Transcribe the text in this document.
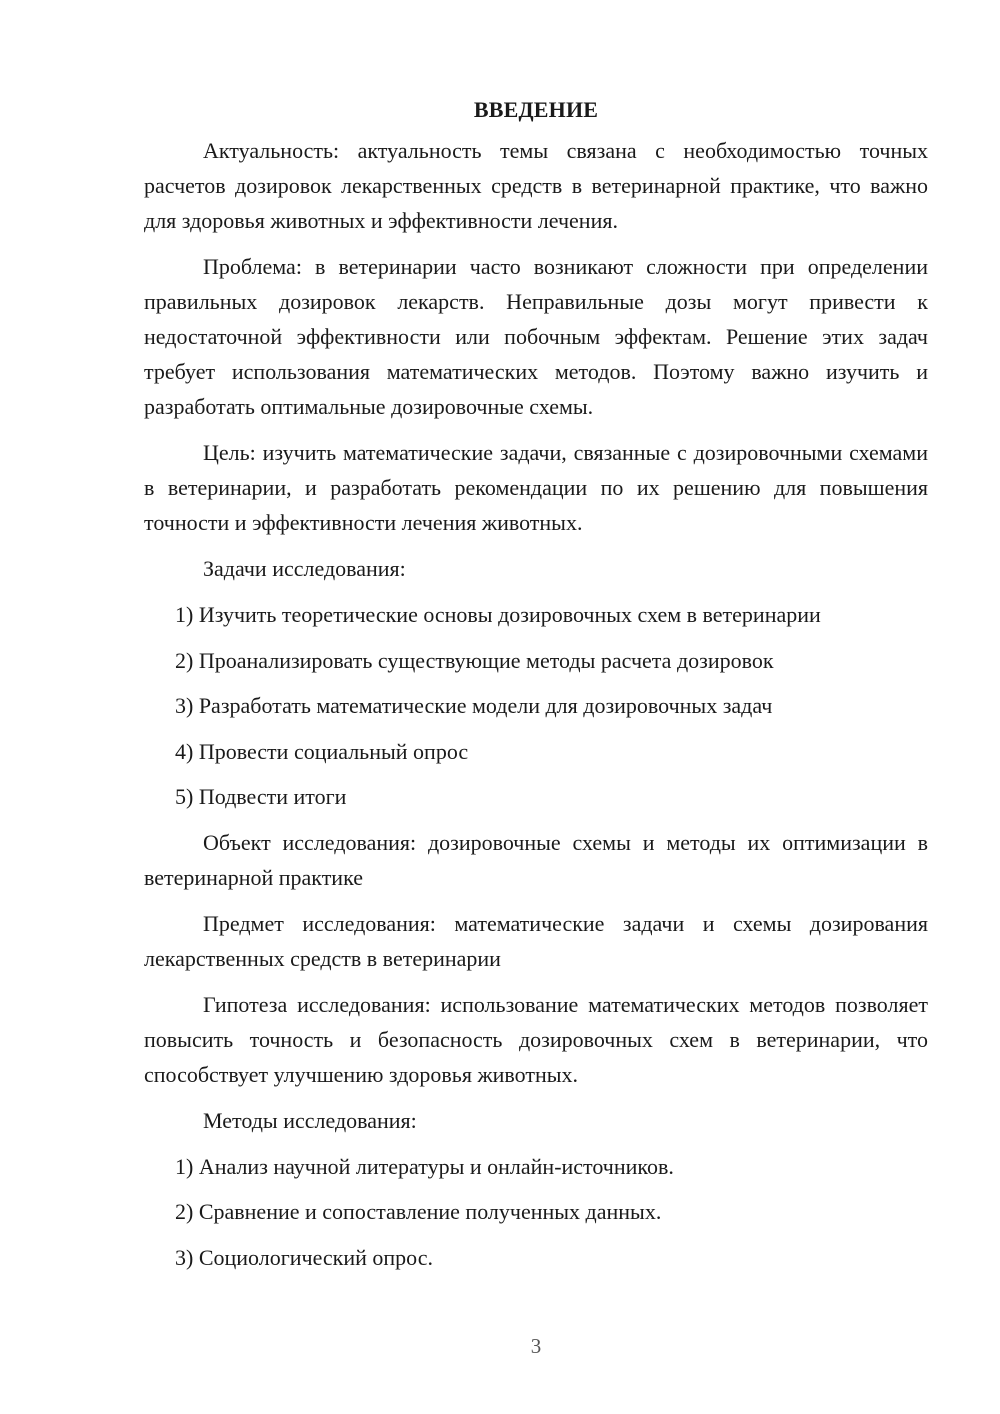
ВВЕДЕНИЕ

Актуальность: актуальность темы связана с необходимостью точных расчетов дозировок лекарственных средств в ветеринарной практике, что важно для здоровья животных и эффективности лечения.

Проблема: в ветеринарии часто возникают сложности при определении правильных дозировок лекарств. Неправильные дозы могут привести к недостаточной эффективности или побочным эффектам. Решение этих задач требует использования математических методов. Поэтому важно изучить и разработать оптимальные дозировочные схемы.

Цель: изучить математические задачи, связанные с дозировочными схемами в ветеринарии, и разработать рекомендации по их решению для повышения точности и эффективности лечения животных.

Задачи исследования:

1) Изучить теоретические основы дозировочных схем в ветеринарии
2) Проанализировать существующие методы расчета дозировок
3) Разработать математические модели для дозировочных задач
4) Провести социальный опрос
5) Подвести итоги

Объект исследования: дозировочные схемы и методы их оптимизации в ветеринарной практике

Предмет исследования: математические задачи и схемы дозирования лекарственных средств в ветеринарии

Гипотеза исследования: использование математических методов позволяет повысить точность и безопасность дозировочных схем в ветеринарии, что способствует улучшению здоровья животных.

Методы исследования:

1) Анализ научной литературы и онлайн-источников.
2) Сравнение и сопоставление полученных данных.
3) Социологический опрос.
3
